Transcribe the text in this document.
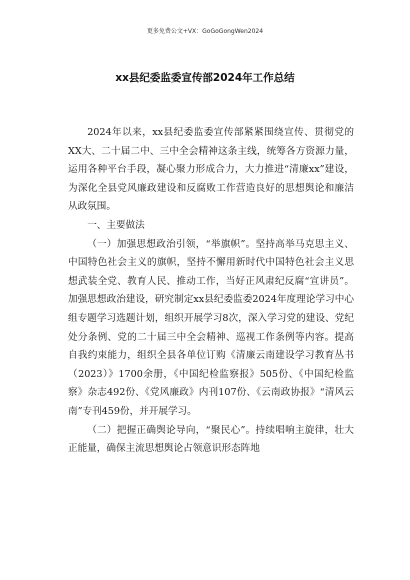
更多免费公文+VX：GoGoGongWen2024
xx县纪委监委宣传部2024年工作总结

2024年以来，xx县纪委监委宣传部紧紧围绕宣传、贯彻党的XX大、二十届二中、三中全会精神这条主线，统筹各方资源力量，运用各种平台手段，凝心聚力形成合力，大力推进“清廉xx”建设，为深化全县党风廉政建设和反腐败工作营造良好的思想舆论和廉洁从政氛围。

一、主要做法

（一）加强思想政治引领，“举旗帜”。坚持高举马克思主义、中国特色社会主义的旗帜，坚持不懈用新时代中国特色社会主义思想武装全党、教育人民、推动工作，当好正风肃纪反腐“宣讲员”。加强思想政治建设，研究制定xx县纪委监委2024年度理论学习中心组专题学习选题计划，组织开展学习8次，深入学习党的建设、党纪处分条例、党的二十届三中全会精神、巡视工作条例等内容。提高自我约束能力，组织全县各单位订购《清廉云南建设学习教育丛书（2023）》1700余册，《中国纪检监察报》505份、《中国纪检监察》杂志492份、《党风廉政》内刊107份、《云南政协报》“清风云南”专刊459份，并开展学习。

（二）把握正确舆论导向，“聚民心”。持续唱响主旋律，壮大正能量，确保主流思想舆论占领意识形态阵地
